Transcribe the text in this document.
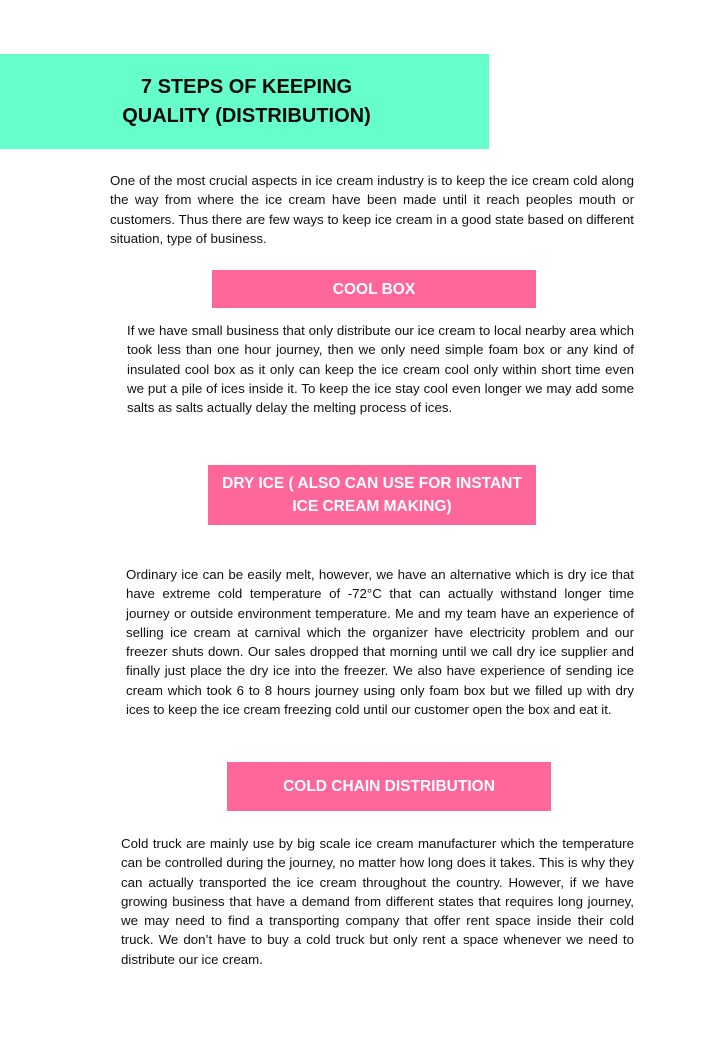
7 STEPS OF KEEPING QUALITY (DISTRIBUTION)

One of the most crucial aspects in ice cream industry is to keep the ice cream cold along the way from where the ice cream have been made until it reach peoples mouth or customers. Thus there are few ways to keep ice cream in a good state based on different situation, type of business.

COOL BOX

If we have small business that only distribute our ice cream to local nearby area which took less than one hour journey, then we only need simple foam box or any kind of insulated cool box as it only can keep the ice cream cool only within short time even we put a pile of ices inside it. To keep the ice stay cool even longer we may add some salts as salts actually delay the melting process of ices.

DRY ICE ( ALSO CAN USE FOR INSTANT ICE CREAM MAKING)

Ordinary ice can be easily melt, however, we have an alternative which is dry ice that have extreme cold temperature of -72°C that can actually withstand longer time journey or outside environment temperature. Me and my team have an experience of selling ice cream at carnival which the organizer have electricity problem and our freezer shuts down. Our sales dropped that morning until we call dry ice supplier and finally just place the dry ice into the freezer. We also have experience of sending ice cream which took 6 to 8 hours journey using only foam box but we filled up with dry ices to keep the ice cream freezing cold until our customer open the box and eat it.

COLD CHAIN DISTRIBUTION

Cold truck are mainly use by big scale ice cream manufacturer which the temperature can be controlled during the journey, no matter how long does it takes. This is why they can actually transported the ice cream throughout the country. However, if we have growing business that have a demand from different states that requires long journey, we may need to find a transporting company that offer rent space inside their cold truck. We don’t have to buy a cold truck but only rent a space whenever we need to distribute our ice cream.
